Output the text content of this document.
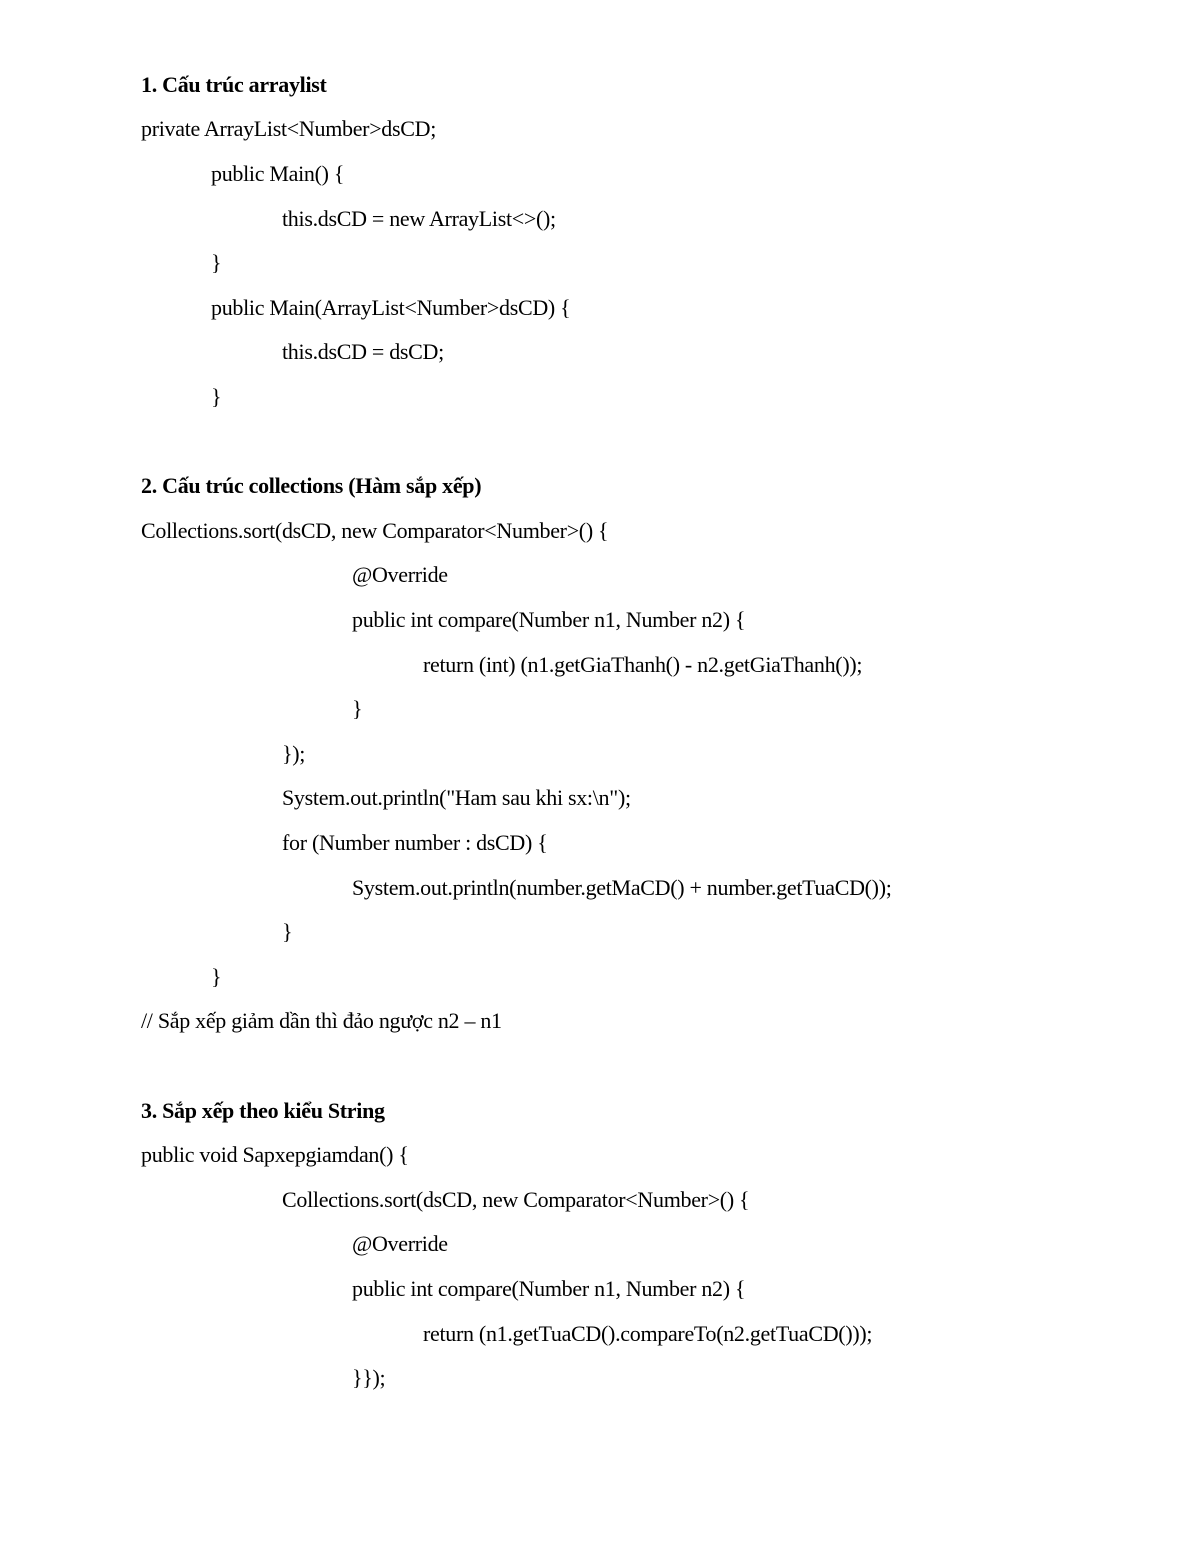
1. Cấu trúc arraylist
private ArrayList<Number>dsCD;
public Main() {
this.dsCD = new ArrayList<>();
}
public Main(ArrayList<Number>dsCD) {
this.dsCD = dsCD;
}
2. Cấu trúc collections (Hàm sắp xếp)
Collections.sort(dsCD, new Comparator<Number>() {
@Override
public int compare(Number n1, Number n2) {
return (int) (n1.getGiaThanh() - n2.getGiaThanh());
}
});
System.out.println("Ham sau khi sx:\n");
for (Number number : dsCD) {
System.out.println(number.getMaCD() + number.getTuaCD());
}
}
// Sắp xếp giảm dần thì đảo ngược n2 – n1
3. Sắp xếp theo kiểu String
public void Sapxepgiamdan() {
Collections.sort(dsCD, new Comparator<Number>() {
@Override
public int compare(Number n1, Number n2) {
return (n1.getTuaCD().compareTo(n2.getTuaCD()));
}});
